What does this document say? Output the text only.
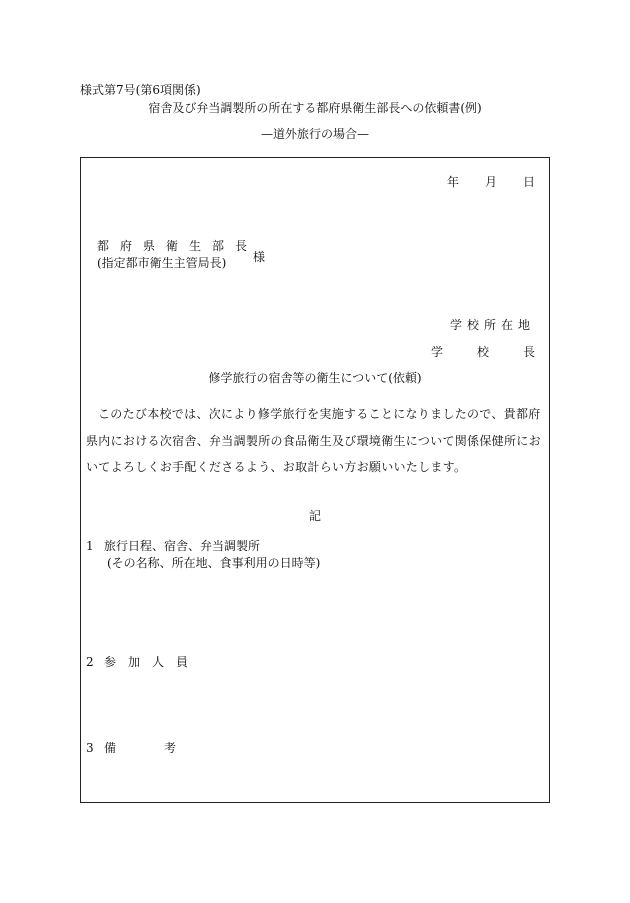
様式第7号(第6項関係)
宿舎及び弁当調製所の所在する都府県衛生部長への依頼書(例)
—道外旅行の場合—
年 月 日
都府県衛生部長
(指定都市衛生主管局長)	様
学校所在地
学	校	長
修学旅行の宿舎等の衛生について(依頼)
このたび本校では、次により修学旅行を実施することになりましたので、貴都府県内における次宿舎、弁当調製所の食品衛生及び環境衛生について関係保健所においてよろしくお手配くださるよう、お取計らい方お願いいたします。
記
1 旅行日程、宿舎、弁当調製所
(その名称、所在地、食事利用の日時等)
2 参加人員
3 備	考
